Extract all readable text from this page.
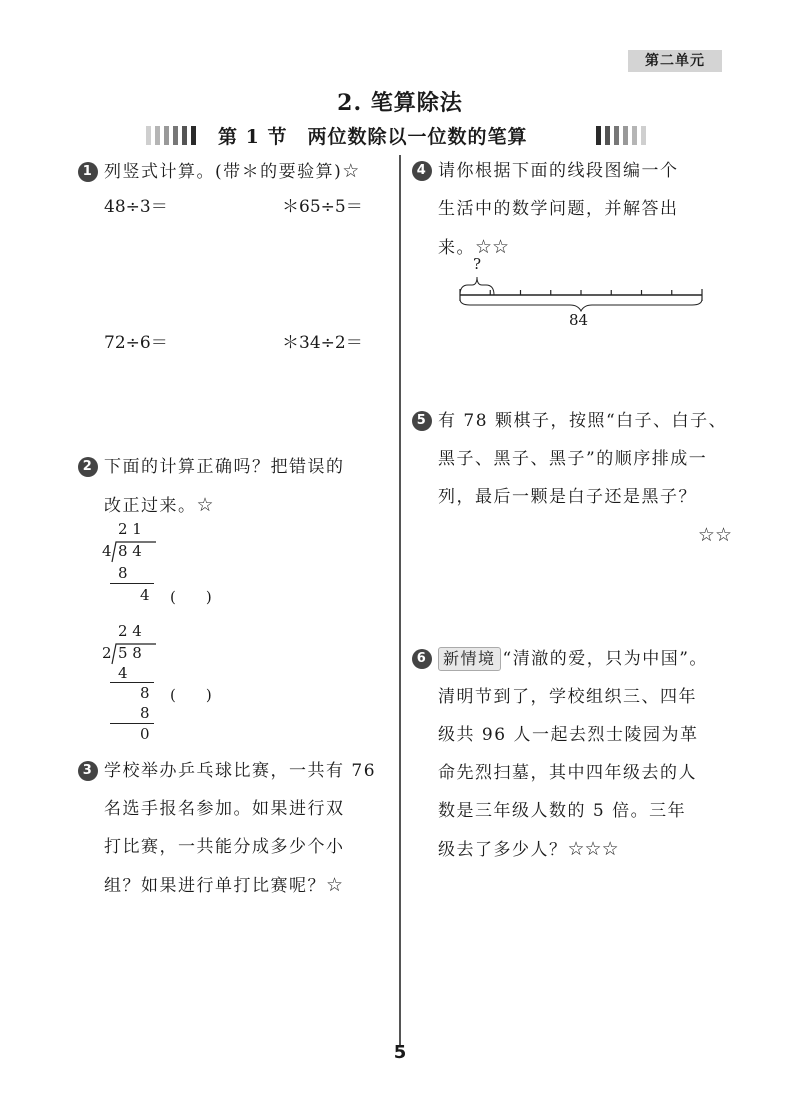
第二单元
2. 笔算除法
第 1 节　两位数除以一位数的笔算
1 列竖式计算。(带＊的要验算)☆
48÷3＝	＊65÷5＝
72÷6＝	＊34÷2＝
2 下面的计算正确吗？把错误的
改正过来。☆
2 1
4 8 4
8
4 (　　)
2 4
2 5 8
4
8 (　　)
8
0
3 学校举办乒乓球比赛，一共有 76
名选手报名参加。如果进行双
打比赛，一共能分成多少个小
组？如果进行单打比赛呢？☆
4 请你根据下面的线段图编一个
生活中的数学问题，并解答出
来。☆☆
?
84
5 有 78 颗棋子，按照“白子、白子、
黑子、黑子、黑子”的顺序排成一
列，最后一颗是白子还是黑子？
☆☆
6 新情境 “清澈的爱，只为中国”。
清明节到了，学校组织三、四年
级共 96 人一起去烈士陵园为革
命先烈扫墓，其中四年级去的人
数是三年级人数的 5 倍。三年
级去了多少人？☆☆☆
5
